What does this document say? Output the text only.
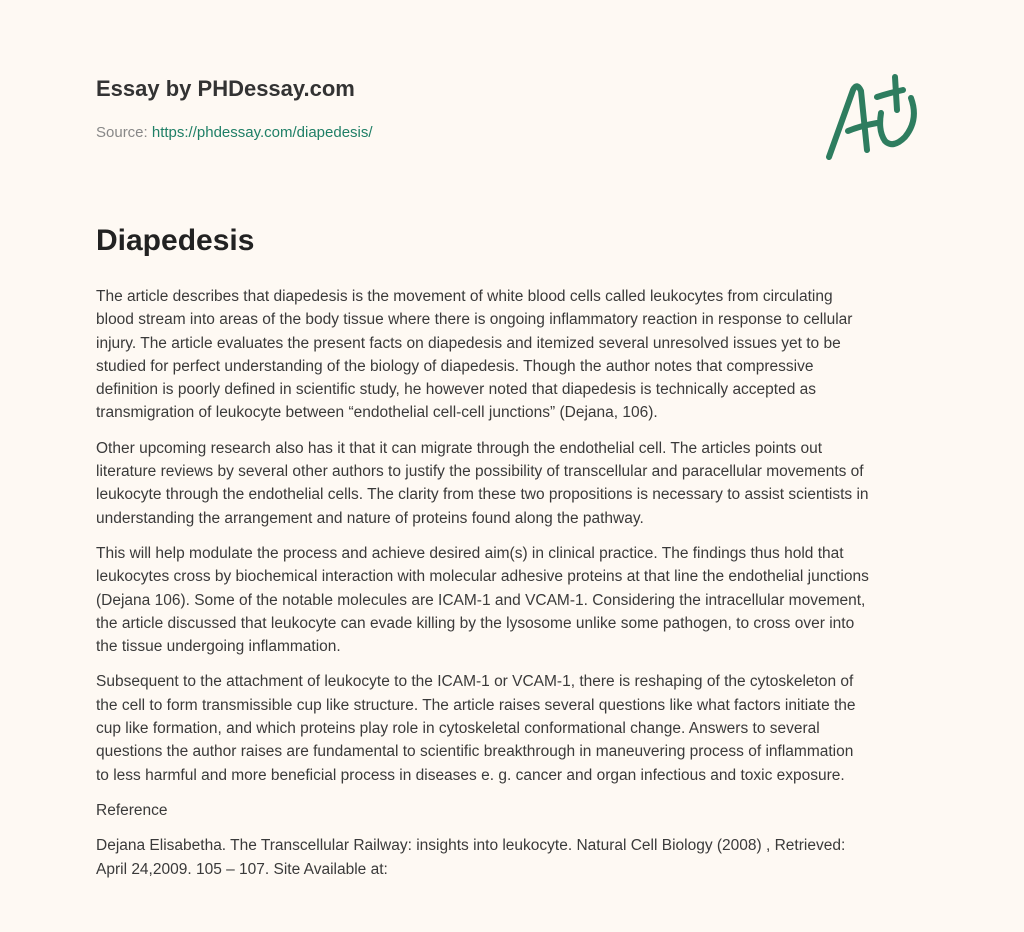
Essay by PHDessay.com
Source: https://phdessay.com/diapedesis/
Diapedesis

The article describes that diapedesis is the movement of white blood cells called leukocytes from circulating
blood stream into areas of the body tissue where there is ongoing inflammatory reaction in response to cellular
injury. The article evaluates the present facts on diapedesis and itemized several unresolved issues yet to be
studied for perfect understanding of the biology of diapedesis. Though the author notes that compressive
definition is poorly defined in scientific study, he however noted that diapedesis is technically accepted as
transmigration of leukocyte between “endothelial cell-cell junctions” (Dejana, 106).

Other upcoming research also has it that it can migrate through the endothelial cell. The articles points out
literature reviews by several other authors to justify the possibility of transcellular and paracellular movements of
leukocyte through the endothelial cells. The clarity from these two propositions is necessary to assist scientists in
understanding the arrangement and nature of proteins found along the pathway.

This will help modulate the process and achieve desired aim(s) in clinical practice. The findings thus hold that
leukocytes cross by biochemical interaction with molecular adhesive proteins at that line the endothelial junctions
(Dejana 106). Some of the notable molecules are ICAM-1 and VCAM-1. Considering the intracellular movement,
the article discussed that leukocyte can evade killing by the lysosome unlike some pathogen, to cross over into
the tissue undergoing inflammation.

Subsequent to the attachment of leukocyte to the ICAM-1 or VCAM-1, there is reshaping of the cytoskeleton of
the cell to form transmissible cup like structure. The article raises several questions like what factors initiate the
cup like formation, and which proteins play role in cytoskeletal conformational change. Answers to several
questions the author raises are fundamental to scientific breakthrough in maneuvering process of inflammation
to less harmful and more beneficial process in diseases e. g. cancer and organ infectious and toxic exposure.

Reference

Dejana Elisabetha. The Transcellular Railway: insights into leukocyte. Natural Cell Biology (2008) , Retrieved:
April 24,2009. 105 – 107. Site Available at:
